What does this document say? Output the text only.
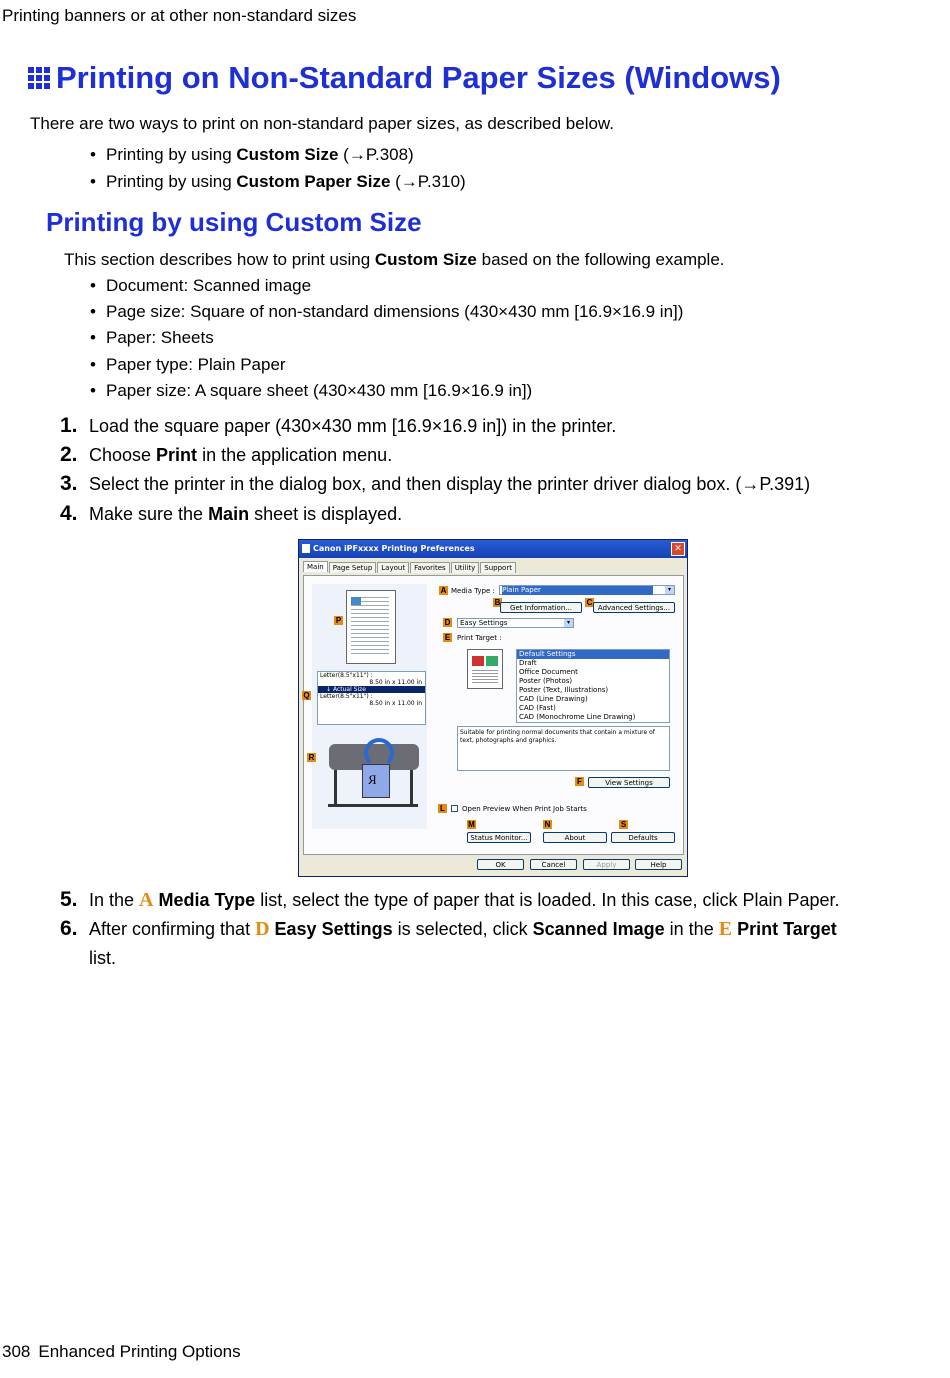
Printing banners or at other non-standard sizes
Printing on Non-Standard Paper Sizes (Windows)
There are two ways to print on non-standard paper sizes, as described below.
• Printing by using Custom Size (→P.308)
• Printing by using Custom Paper Size (→P.310)
Printing by using Custom Size
This section describes how to print using Custom Size based on the following example.
• Document: Scanned image
• Page size: Square of non-standard dimensions (430×430 mm [16.9×16.9 in])
• Paper: Sheets
• Paper type: Plain Paper
• Paper size: A square sheet (430×430 mm [16.9×16.9 in])
1. Load the square paper (430×430 mm [16.9×16.9 in]) in the printer.
2. Choose Print in the application menu.
3. Select the printer in the dialog box, and then display the printer driver dialog box. (→P.391)
4. Make sure the Main sheet is displayed.
Canon iPFxxxx Printing Preferences	✕
Main	Page Setup	Layout	Favorites	Utility	Support
P
Letter(8.5"x11") :
8.50 in x 11.00 in
↓ Actual Size
Letter(8.5"x11") :
8.50 in x 11.00 in
Q
R
R
A Media Type :	Plain Paper	▾
B
Get Information...
C
Advanced Settings...
D	Easy Settings	▾
E Print Target :
Default Settings
Draft
Office Document
Poster (Photos)
Poster (Text, Illustrations)
CAD (Line Drawing)
CAD (Fast)
CAD (Monochrome Line Drawing)
Suitable for printing normal documents that contain a mixture of text, photographs and graphics.
F	View Settings
L Open Preview When Print Job Starts
M	N	S
Status Monitor...	About	Defaults
OK	Cancel	Apply	Help
5. In the A Media Type list, select the type of paper that is loaded. In this case, click Plain Paper.
6. After confirming that D Easy Settings is selected, click Scanned Image in the E Print Target
list.
308 Enhanced Printing Options
